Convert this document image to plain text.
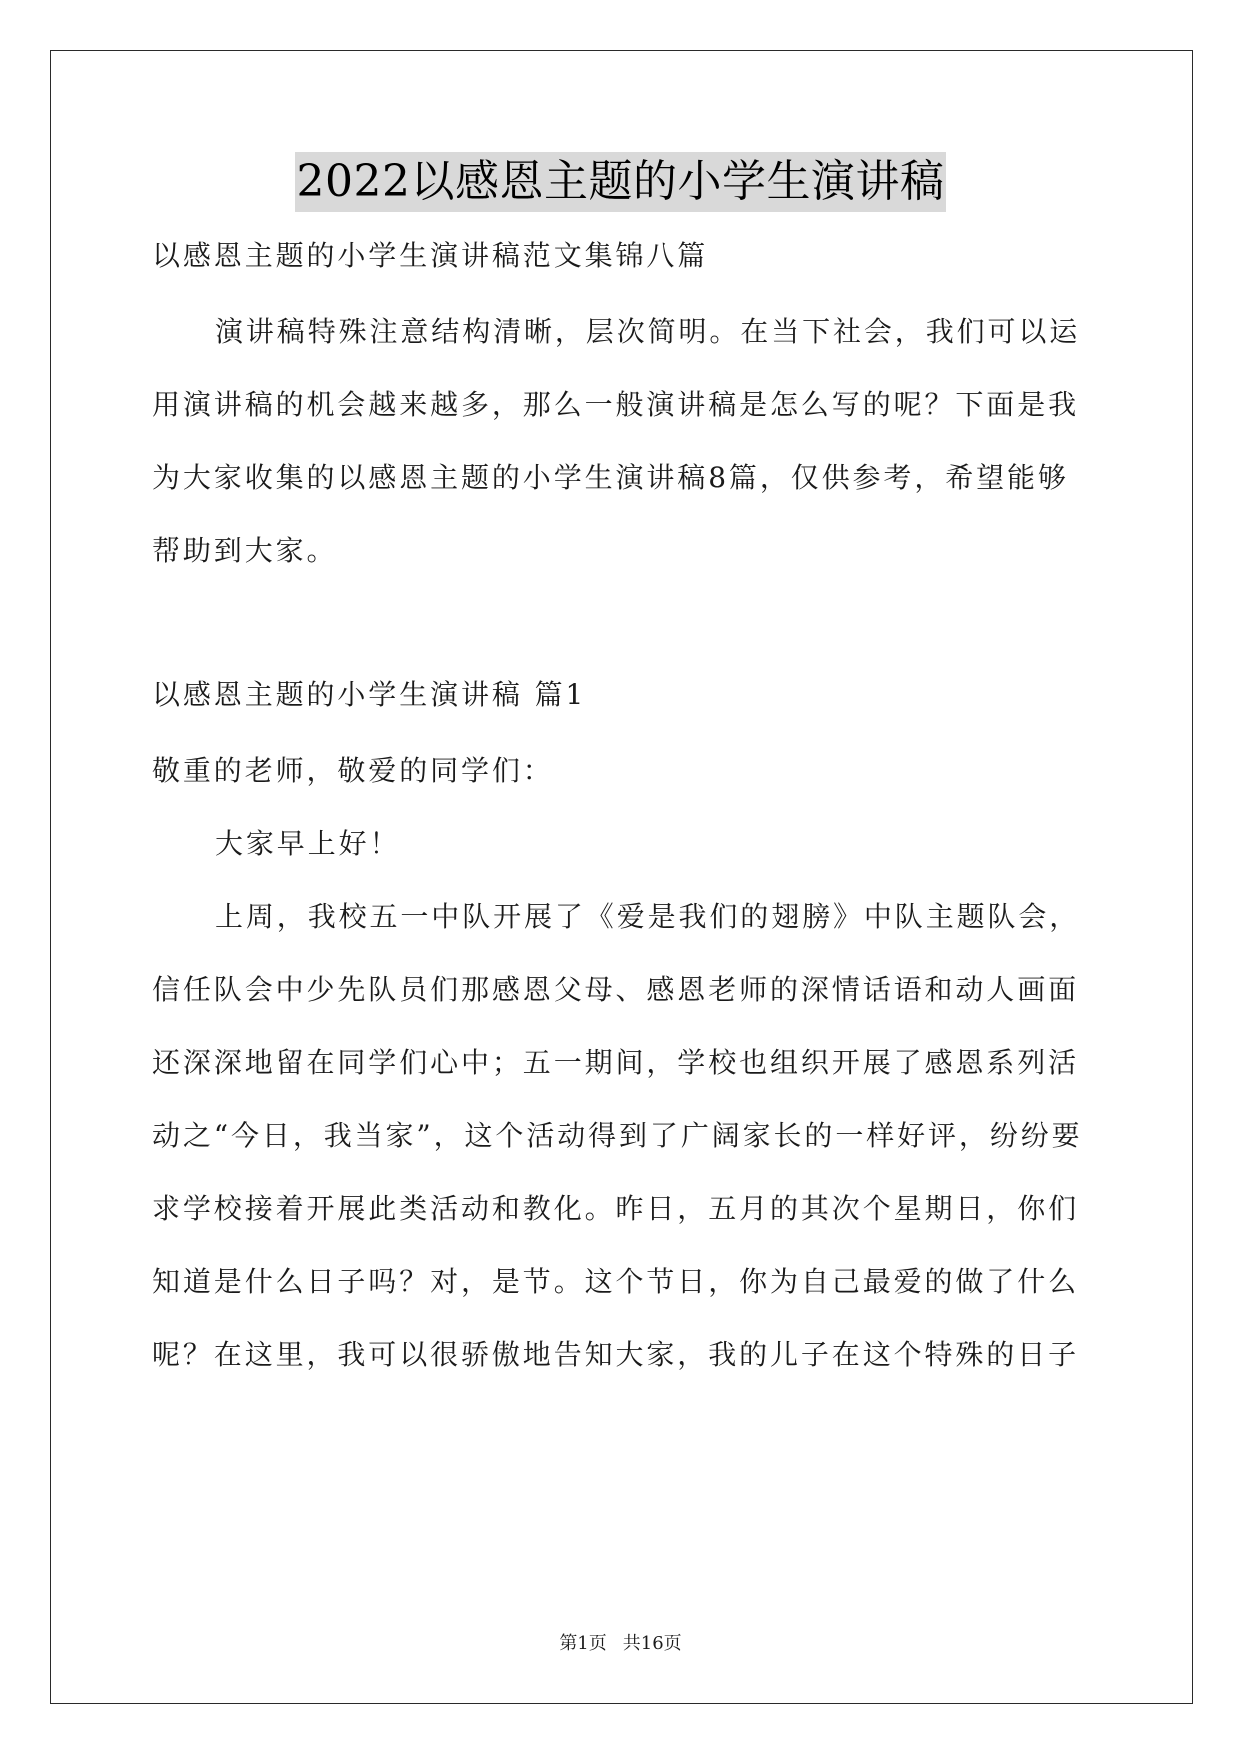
2022以感恩主题的小学生演讲稿
以感恩主题的小学生演讲稿范文集锦八篇
演讲稿特殊注意结构清晰，层次简明。在当下社会，我们可以运
用演讲稿的机会越来越多，那么一般演讲稿是怎么写的呢？下面是我
为大家收集的以感恩主题的小学生演讲稿8篇，仅供参考，希望能够
帮助到大家。
以感恩主题的小学生演讲稿 篇1
敬重的老师，敬爱的同学们：
大家早上好！
上周，我校五一中队开展了《爱是我们的翅膀》中队主题队会，
信任队会中少先队员们那感恩父母、感恩老师的深情话语和动人画面
还深深地留在同学们心中；五一期间，学校也组织开展了感恩系列活
动之“今日，我当家”，这个活动得到了广阔家长的一样好评，纷纷要
求学校接着开展此类活动和教化。昨日，五月的其次个星期日，你们
知道是什么日子吗？对，是节。这个节日，你为自己最爱的做了什么
呢？在这里，我可以很骄傲地告知大家，我的儿子在这个特殊的日子
第1页 共16页
